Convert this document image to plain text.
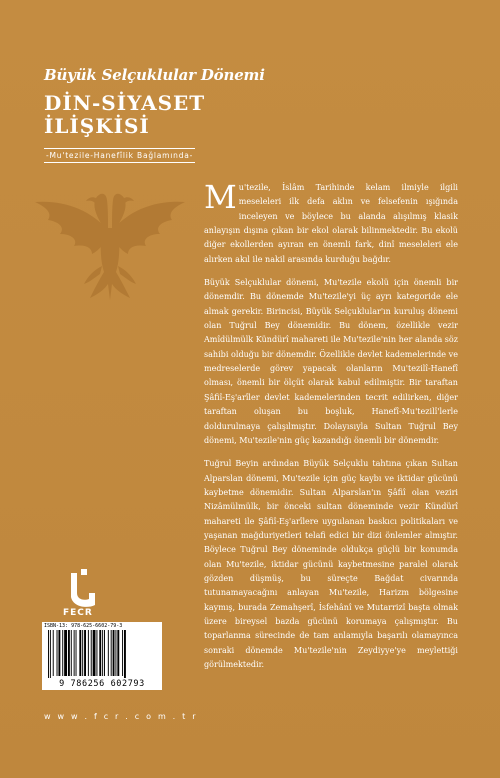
Büyük Selçuklular Dönemi
DİN-SİYASET
İLİŞKİSİ
-Mu'tezile-Hanefîlik Bağlamında-

Mu'tezile, İslâm Tarihinde kelam ilmiyle ilgili meseleleri ilk defa aklın ve felsefenin ışığında inceleyen ve böylece bu alanda alışılmış klasik anlayışın dışına çıkan bir ekol olarak bilinmektedir. Bu ekolü diğer ekollerden ayıran en önemli fark, dinî meseleleri ele alırken akıl ile nakil arasında kurduğu bağdır.

Büyük Selçuklular dönemi, Mu'tezile ekolü için önemli bir dönemdir. Bu dönemde Mu'tezile'yi üç ayrı kategoride ele almak gerekir. Birincisi, Büyük Selçuklular'ın kuruluş dönemi olan Tuğrul Bey dönemidir. Bu dönem, özellikle vezir Amîdülmülk Kündürî mahareti ile Mu'tezile'nin her alanda söz sahibi olduğu bir dönemdir. Özellikle devlet kademelerinde ve medreselerde görev yapacak olanların Mu'tezilî-Hanefî olması, önemli bir ölçüt olarak kabul edilmiştir. Bir taraftan Şâfiî-Eş'arîler devlet kademelerinden tecrit edilirken, diğer taraftan oluşan bu boşluk, Hanefî-Mu'tezilî'lerle doldurulmaya çalışılmıştır. Dolayısıyla Sultan Tuğrul Bey dönemi, Mu'tezile'nin güç kazandığı önemli bir dönemdir.

Tuğrul Beyin ardından Büyük Selçuklu tahtına çıkan Sultan Alparslan dönemi, Mu'tezile için güç kaybı ve iktidar gücünü kaybetme dönemidir. Sultan Alparslan'ın Şâfiî olan veziri Nizâmülmülk, bir önceki sultan döneminde vezir Kündürî mahareti ile Şâfiî-Eş'arîlere uygulanan baskıcı politikaları ve yaşanan mağduriyetleri telafi edici bir dizi önlemler almıştır. Böylece Tuğrul Bey döneminde oldukça güçlü bir konumda olan Mu'tezile, iktidar gücünü kaybetmesine paralel olarak gözden düşmüş, bu süreçte Bağdat civarında tutunamayacağını anlayan Mu'tezile, Harizm bölgesine kaymış, burada Zemahşerî, İsfehânî ve Mutarrizî başta olmak üzere bireysel bazda gücünü korumaya çalışmıştır. Bu toparlanma sürecinde de tam anlamıyla başarılı olamayınca sonraki dönemde Mu'tezile'nin Zeydiyye'ye meylettiği görülmektedir.

FECR
ISBN-13: 978-625-6602-79-3
9 786256 602793
w w w . f c r . c o m . t r
